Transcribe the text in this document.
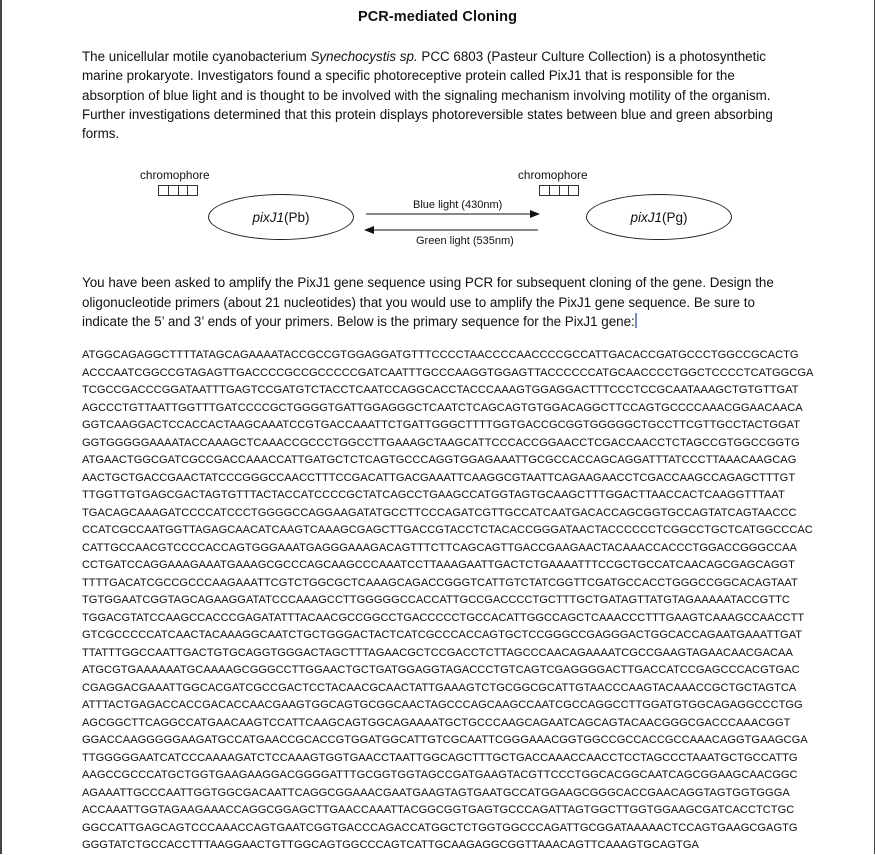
PCR-mediated Cloning

The unicellular motile cyanobacterium Synechocystis sp. PCC 6803 (Pasteur Culture Collection) is a photosynthetic marine prokaryote. Investigators found a specific photoreceptive protein called PixJ1 that is responsible for the absorption of blue light and is thought to be involved with the signaling mechanism involving motility of the organism. Further investigations determined that this protein displays photoreversible states between blue and green absorbing forms.

chromophore
pixJ1 (Pb)
chromophore
pixJ1 (Pg)
Blue light (430nm)
Green light (535nm)

You have been asked to amplify the PixJ1 gene sequence using PCR for subsequent cloning of the gene. Design the oligonucleotide primers (about 21 nucleotides) that you would use to amplify the PixJ1 gene sequence. Be sure to indicate the 5’ and 3’ ends of your primers. Below is the primary sequence for the PixJ1 gene:

ATGGCAGAGGCTTTTATAGCAGAAAATACCGCCGTGGAGGATGTTTCCCCTAACCCCAACCCCGCCATTGACACCGATGCCCTGGCCGCACTG
ACCCAATCGGCCGTAGAGTTGACCCCGCCGCCCCCGATCAATTTGCCCAAGGTGGAGTTACCCCCCATGCAACCCCTGGCTCCCCTCATGGCGA
TCGCCGACCCGGATAATTTGAGTCCGATGTCTACCTCAATCCAGGCACCTACCCAAAGTGGAGGACTTTCCCTCCGCAATAAAGCTGTGTTGAT
AGCCCTGTTAATTGGTTTGATCCCCGCTGGGGTGATTGGAGGGCTCAATCTCAGCAGTGTGGACAGGCTTCCAGTGCCCCAAACGGAACAACA
GGTCAAGGACTCCACCACTAAGCAAATCCGTGACCAAATTCTGATTGGGCTTTTGGTGACCGCGGTGGGGGCTGCCTTCGTTGCCTACTGGAT
GGTGGGGGAAAATACCAAAGCTCAAACCGCCCTGGCCTTGAAAGCTAAGCATTCCCACCGGAACCTCGACCAACCTCTAGCCGTGGCCGGTG
ATGAACTGGCGATCGCCGACCAAACCATTGATGCTCTCAGTGCCCAGGTGGAGAAATTGCGCCACCAGCAGGATTTATCCCTTAAACAAGCAG
AACTGCTGACCGAACTATCCCGGGCCAACCTTTCCGACATTGACGAAATTCAAGGCGTAATTCAGAAGAACCTCGACCAAGCCAGAGCTTTGT
TTGGTTGTGAGCGACTAGTGTTTACTACCATCCCCGCTATCAGCCTGAAGCCATGGTAGTGCAAGCTTTGGACTTAACCACTCAAGGTTTAAT
TGACAGCAAAGATCCCCATCCCTGGGGCCAGGAAGATATGCCTTCCCAGATCGTTGCCATCAATGACACCAGCGGTGCCAGTATCAGTAACCC
CCATCGCCAATGGTTAGAGCAACATCAAGTCAAAGCGAGCTTGACCGTACCTCTACACCGGGATAACTACCCCCCTCGGCCTGCTCATGGCCCAC
CATTGCCAACGTCCCCACCAGTGGGAAATGAGGGAAAGACAGTTTCTTCAGCAGTTGACCGAAGAACTACAAACCACCCTGGACCGGGCCAA
CCTGATCCAGGAAAGAAATGAAAGCGCCCAGCAAGCCCAAATCCTTAAAGAATTGACTCTGAAAATTTCCGCTGCCATCAACAGCGAGCAGGT
TTTTGACATCGCCGCCCAAGAAATTCGTCTGGCGCTCAAAGCAGACCGGGTCATTGTCTATCGGTTCGATGCCACCTGGGCCGGCACAGTAAT
TGTGGAATCGGTAGCAGAAGGATATCCCAAAGCCTTGGGGGCCACCATTGCCGACCCCTGCTTTGCTGATAGTTATGTAGAAAAATACCGTTC
TGGACGTATCCAAGCCACCCGAGATATTTACAACGCCGGCCTGACCCCCTGCCACATTGGCCAGCTCAAACCCTTTGAAGTCAAAGCCAACCTT
GTCGCCCCCATCAACTACAAAGGCAATCTGCTGGGACTACTCATCGCCCACCAGTGCTCCGGGCCGAGGGACTGGCACCAGAATGAAATTGAT
TTATTTGGCCAATTGACTGTGCAGGTGGGACTAGCTTTAGAACGCTCCGACCTCTTAGCCCAACAGAAAATCGCCGAAGTAGAACAACGACAA
ATGCGTGAAAAAATGCAAAAGCGGGCCTTGGAACTGCTGATGGAGGTAGACCCTGTCAGTCGAGGGGACTTGACCATCCGAGCCCACGTGAC
CGAGGACGAAATTGGCACGATCGCCGACTCCTACAACGCAACTATTGAAAGTCTGCGGCGCATTGTAACCCAAGTACAAACCGCTGCTAGTCA
ATTTACTGAGACCACCGACACCAACGAAGTGGCAGTGCGGCAACTAGCCCAGCAAGCCAATCGCCAGGCCTTGGATGTGGCAGAGGCCCTGG
AGCGGCTTCAGGCCATGAACAAGTCCATTCAAGCAGTGGCAGAAAATGCTGCCCAAGCAGAATCAGCAGTACAACGGGCGACCCAAACGGT
GGACCAAGGGGGAAGATGCCATGAACCGCACCGTGGATGGCATTGTCGCAATTCGGGAAACGGTGGCCGCCACCGCCAAACAGGTGAAGCGA
TTGGGGGAATCATCCCAAAAGATCTCCAAAGTGGTGAACCTAATTGGCAGCTTTGCTGACCAAACCAACCTCCTAGCCCTAAATGCTGCCATTG
AAGCCGCCCATGCTGGTGAAGAAGGACGGGGATTTGCGGTGGTAGCCGATGAAGTACGTTCCCTGGCACGGCAATCAGCGGAAGCAACGGC
AGAAATTGCCCAATTGGTGGCGACAATTCAGGCGGAAACGAATGAAGTAGTGAATGCCATGGAAGCGGGCACCGAACAGGTAGTGGTGGGA
ACCAAATTGGTAGAAGAAACCAGGCGGAGCTTGAACCAAATTACGGCGGTGAGTGCCCAGATTAGTGGCTTGGTGGAAGCGATCACCTCTGC
GGCCATTGAGCAGTCCCAAACCAGTGAATCGGTGACCCAGACCATGGCTCTGGTGGCCCAGATTGCGGATAAAAACTCCAGTGAAGCGAGTG
GGGTATCTGCCACCTTTAAGGAACTGTTGGCAGTGGCCCAGTCATTGCAAGAGGCGGTTAAACAGTTCAAAGTGCAGTGA
